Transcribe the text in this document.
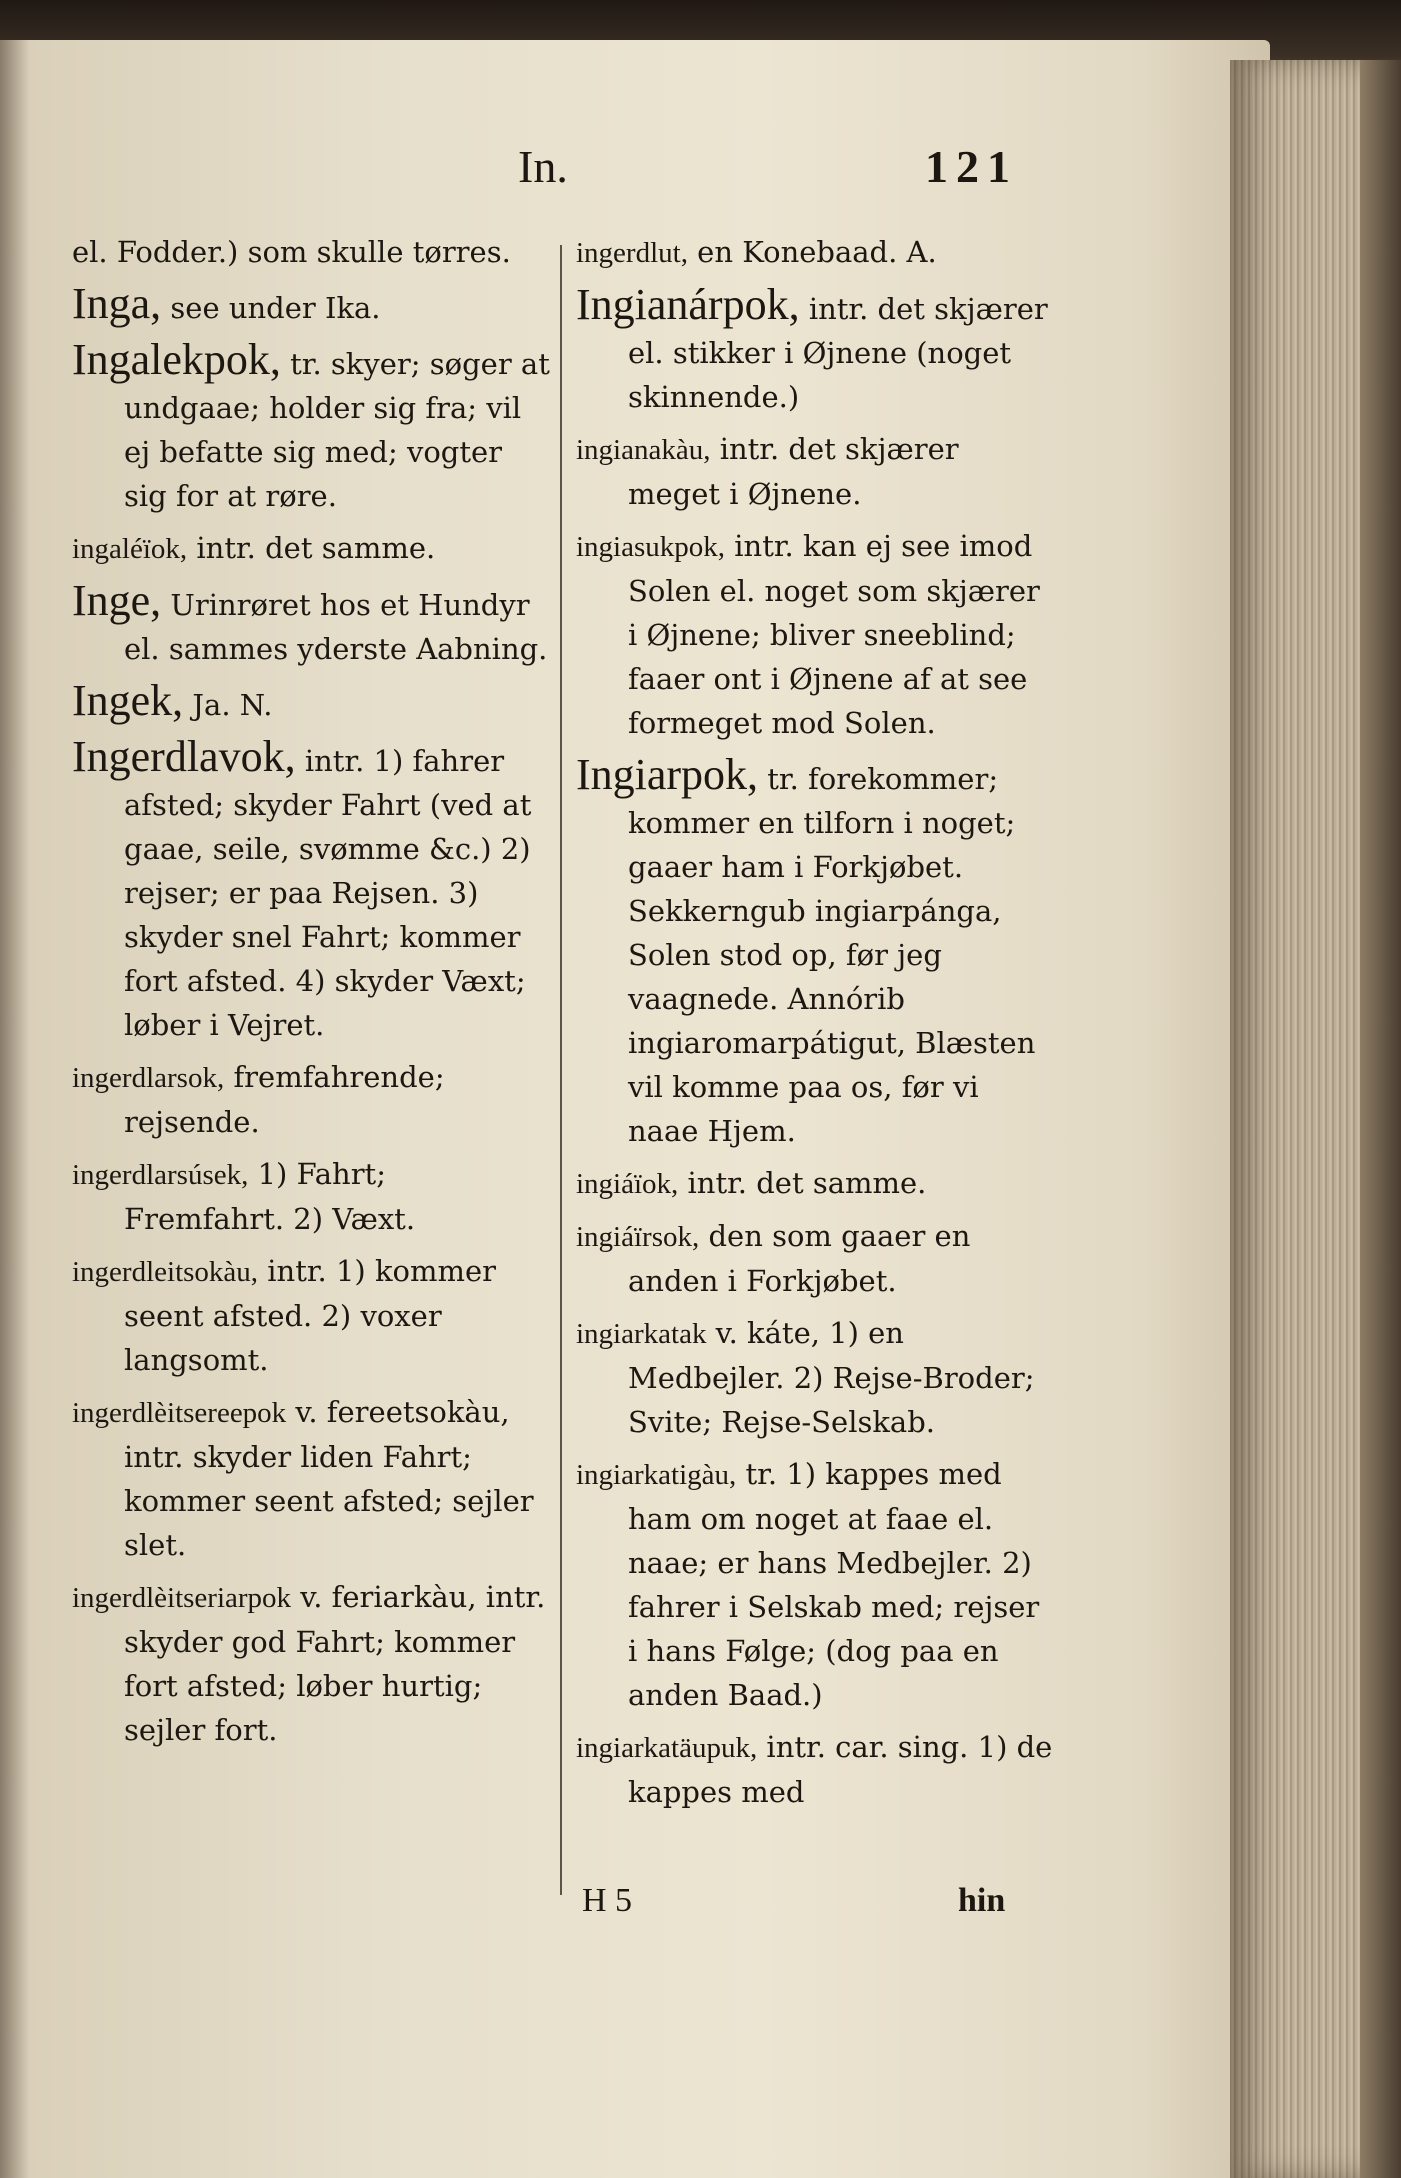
In.	121

el. Fodder.) som skulle tørres.

Inga, see under Ika.

Ingalekpok, tr. skyer; søger at undgaae; holder sig fra; vil ej befatte sig med; vogter sig for at røre.

ingaléïok, intr. det samme.

Inge, Urinrøret hos et Hundyr el. sammes yderste Aabning.

Ingek, Ja. N.

Ingerdlavok, intr. 1) fahrer afsted; skyder Fahrt (ved at gaae, seile, svømme &c.) 2) rejser; er paa Rejsen. 3) skyder snel Fahrt; kommer fort afsted. 4) skyder Væxt; løber i Vejret.

ingerdlarsok, fremfahrende; rejsende.

ingerdlarsúsek, 1) Fahrt; Fremfahrt. 2) Væxt.

ingerdleitsokàu, intr. 1) kommer seent afsted. 2) voxer langsomt.

ingerdlèitsereepok v. fereetsokàu, intr. skyder liden Fahrt; kommer seent afsted; sejler slet.

ingerdlèitseriarpok v. feriarkàu, intr. skyder god Fahrt; kommer fort afsted; løber hurtig; sejler fort.

ingerdlut, en Konebaad. A.

Ingianárpok, intr. det skjærer el. stikker i Øjnene (noget skinnende.)

ingianakàu, intr. det skjærer meget i Øjnene.

ingiasukpok, intr. kan ej see imod Solen el. noget som skjærer i Øjnene; bliver sneeblind; faaer ont i Øjnene af at see formeget mod Solen.

Ingiarpok, tr. forekommer; kommer en tilforn i noget; gaaer ham i Forkjøbet. Sekkerngub ingiarpánga, Solen stod op, før jeg vaagnede. Annórib ingiaromarpátigut, Blæsten vil komme paa os, før vi naae Hjem.

ingiáïok, intr. det samme.

ingiáïrsok, den som gaaer en anden i Forkjøbet.

ingiarkatak v. káte, 1) en Medbejler. 2) Rejse-Broder; Svite; Rejse-Selskab.

ingiarkatigàu, tr. 1) kappes med ham om noget at faae el. naae; er hans Medbejler. 2) fahrer i Selskab med; rejser i hans Følge; (dog paa en anden Baad.)

ingiarkatäupuk, intr. car. sing. 1) de kappes med

H 5	hin
